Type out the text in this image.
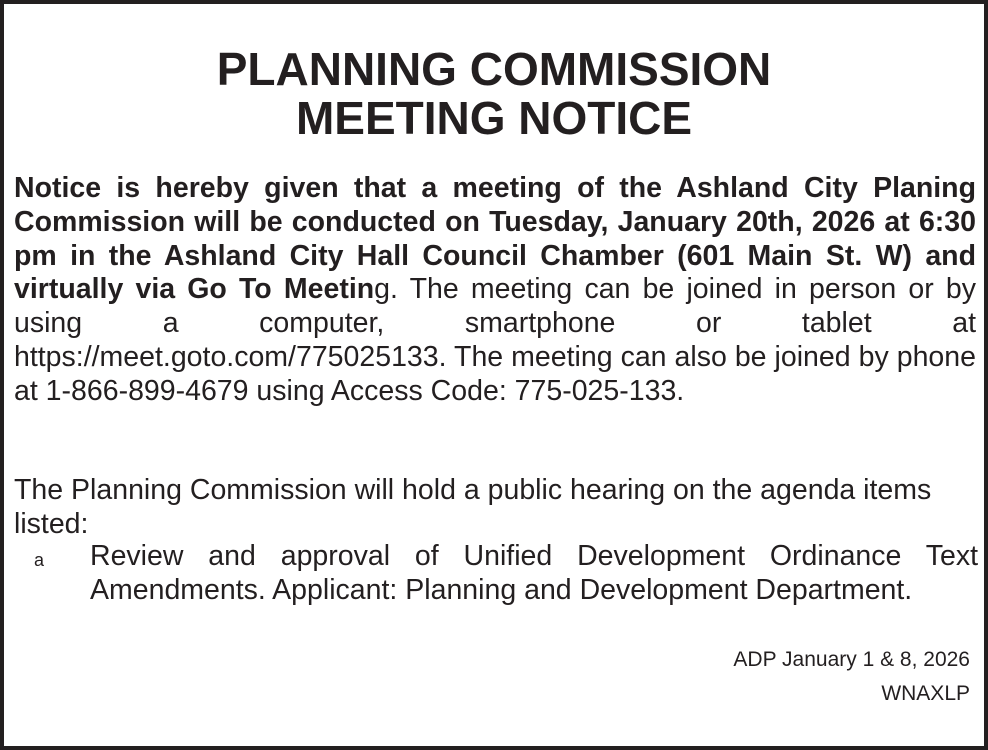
PLANNING COMMISSION
MEETING NOTICE
Notice is hereby given that a meeting of the Ashland City Planing Commission will be conducted on Tuesday, January 20th, 2026 at 6:30 pm in the Ashland City Hall Council Chamber (601 Main St. W) and virtually via Go To Meeting. The meeting can be joined in person or by using a computer, smartphone or tablet at https://meet.goto.com/775025133. The meeting can also be joined by phone at 1-866-899-4679 using Access Code: 775-025-133.
The Planning Commission will hold a public hearing on the agenda items listed:
a Review and approval of Unified Development Ordinance Text Amendments. Applicant: Planning and Development Department.
ADP January 1 & 8, 2026
WNAXLP
